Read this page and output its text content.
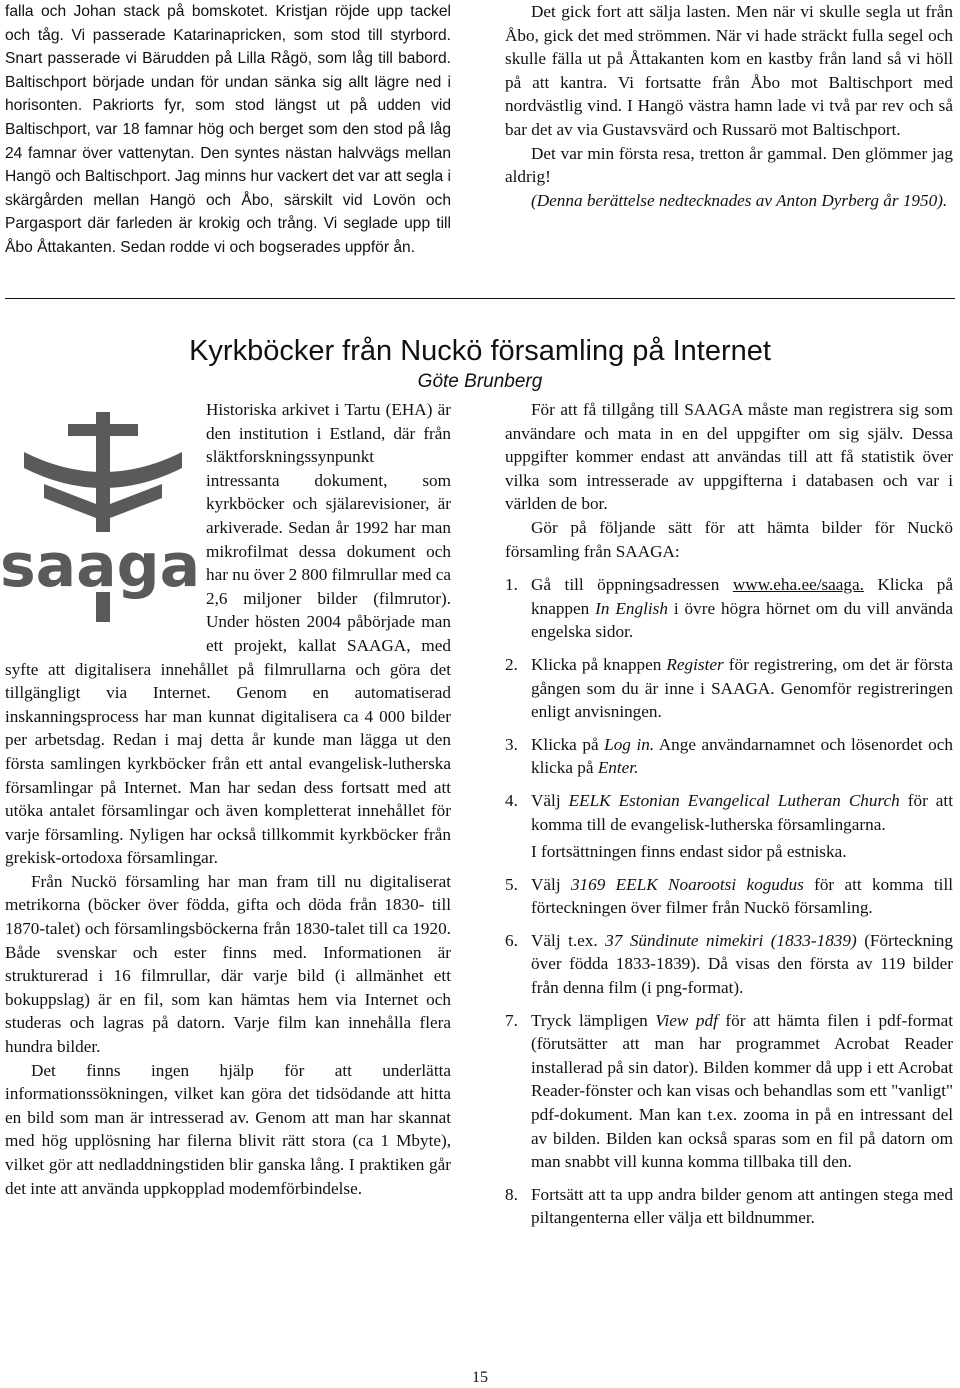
falla och Johan stack på bomskotet. Kristjan röjde upp tackel och tåg. Vi passerade Katarinapricken, som stod till styrbord. Snart passerade vi Bärudden på Lilla Rågö, som låg till babord. Baltischport började undan för undan sänka sig allt lägre ned i horisonten. Pakriorts fyr, som stod längst ut på udden vid Baltischport, var 18 famnar hög och berget som den stod på låg 24 famnar över vattenytan. Den syntes nästan halvvägs mellan Hangö och Baltischport. Jag minns hur vackert det var att segla i skärgården mellan Hangö och Åbo, särskilt vid Lovön och Pargasport där farleden är krokig och trång. Vi seglade upp till Åbo Åttakanten. Sedan rodde vi och bogserades uppför ån.

Det gick fort att sälja lasten. Men när vi skulle segla ut från Åbo, gick det med strömmen. När vi hade sträckt fulla segel och skulle fälla ut på Åttakanten kom en kastby från land så vi höll på att kantra. Vi fortsatte från Åbo mot Baltischport med nordvästlig vind. I Hangö västra hamn lade vi två par rev och så bar det av via Gustavsvärd och Russarö mot Baltischport.

Det var min första resa, tretton år gammal. Den glömmer jag aldrig!

(Denna berättelse nedtecknades av Anton Dyrberg år 1950).

Kyrkböcker från Nuckö församling på Internet
Göte Brunberg
saaga

Historiska arkivet i Tartu (EHA) är den institution i Estland, där från släktforskningssynpunkt intressanta dokument, som kyrkböcker och själarevisioner, är arkiverade. Sedan år 1992 har man mikrofilmat dessa dokument och har nu över 2 800 filmrullar med ca 2,6 miljoner bilder (filmrutor). Under hösten 2004 påbörjade man ett projekt, kallat SAAGA, med syfte att digitalisera innehållet på filmrullarna och göra det tillgängligt via Internet. Genom en automatiserad inskanningsprocess har man kunnat digitalisera ca 4 000 bilder per arbetsdag. Redan i maj detta år kunde man lägga ut den första samlingen kyrkböcker från ett antal evangelisk-lutherska församlingar på Internet. Man har sedan dess fortsatt med att utöka antalet församlingar och även kompletterat innehållet för varje församling. Nyligen har också tillkommit kyrkböcker från grekisk-ortodoxa församlingar.

Från Nuckö församling har man fram till nu digitaliserat metrikorna (böcker över födda, gifta och döda från 1830- till 1870-talet) och församlingsböckerna från 1830-talet till ca 1920. Både svenskar och ester finns med. Informationen är strukturerad i 16 filmrullar, där varje bild (i allmänhet ett bokuppslag) är en fil, som kan hämtas hem via Internet och studeras och lagras på datorn. Varje film kan innehålla flera hundra bilder.

Det finns ingen hjälp för att underlätta informationssökningen, vilket kan göra det tidsödande att hitta en bild som man är intresserad av. Genom att man har skannat med hög upplösning har filerna blivit rätt stora (ca 1 Mbyte), vilket gör att nedladdningstiden blir ganska lång. I praktiken går det inte att använda uppkopplad modemförbindelse.

För att få tillgång till SAAGA måste man registrera sig som användare och mata in en del uppgifter om sig själv. Dessa uppgifter kommer endast att användas till att få statistik över vilka som intresserade av uppgifterna i databasen och var i världen de bor.

Gör på följande sätt för att hämta bilder för Nuckö församling från SAAGA:

1. Gå till öppningsadressen www.eha.ee/saaga. Klicka på knappen In English i övre högra hörnet om du vill använda engelska sidor.
2. Klicka på knappen Register för registrering, om det är första gången som du är inne i SAAGA. Genomför registreringen enligt anvisningen.
3. Klicka på Log in. Ange användarnamnet och lösenordet och klicka på Enter.
4. Välj EELK Estonian Evangelical Lutheran Church för att komma till de evangelisk-lutherska församlingarna.
I fortsättningen finns endast sidor på estniska.
5. Välj 3169 EELK Noarootsi kogudus för att komma till förteckningen över filmer från Nuckö församling.
6. Välj t.ex. 37 Sündinute nimekiri (1833-1839) (Förteckning över födda 1833-1839). Då visas den första av 119 bilder från denna film (i png-format).
7. Tryck lämpligen View pdf för att hämta filen i pdf-format (förutsätter att man har programmet Acrobat Reader installerad på sin dator). Bilden kommer då upp i ett Acrobat Reader-fönster och kan visas och behandlas som ett "vanligt" pdf-dokument. Man kan t.ex. zooma in på en intressant del av bilden. Bilden kan också sparas som en fil på datorn om man snabbt vill kunna komma tillbaka till den.
8. Fortsätt att ta upp andra bilder genom att antingen stega med piltangenterna eller välja ett bildnummer.
15
